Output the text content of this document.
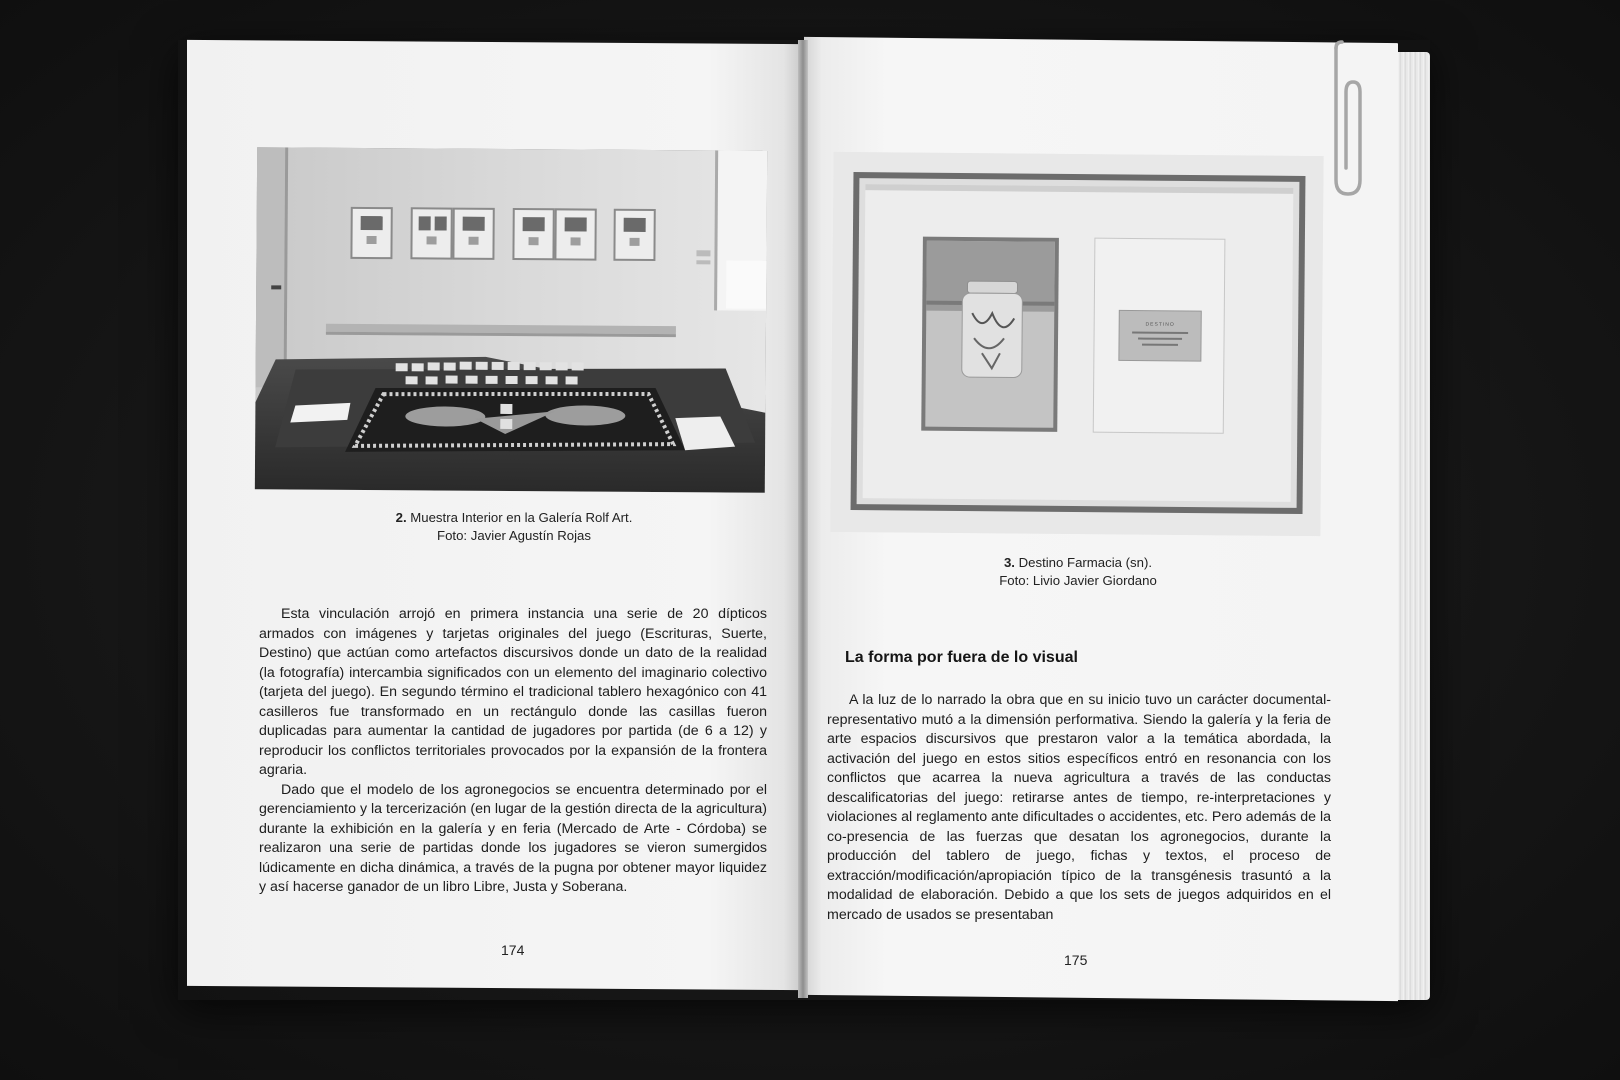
2. Muestra Interior en la Galería Rolf Art.
Foto: Javier Agustín Rojas

Esta vinculación arrojó en primera instancia una serie de 20 dípticos armados con imágenes y tarjetas originales del juego (Escrituras, Suerte, Destino) que actúan como artefactos discursivos donde un dato de la realidad (la fotografía) intercambia significados con un elemento del imaginario colectivo (tarjeta del juego). En segundo término el tradicional tablero hexagónico con 41 casilleros fue transformado en un rectángulo donde las casillas fueron duplicadas para aumentar la cantidad de jugadores por partida (de 6 a 12) y reproducir los conflictos territoriales provocados por la expansión de la frontera agraria.

Dado que el modelo de los agronegocios se encuentra determinado por el gerenciamiento y la tercerización (en lugar de la gestión directa de la agricultura) durante la exhibición en la galería y en feria (Mercado de Arte - Córdoba) se realizaron una serie de partidas donde los jugadores se vieron sumergidos lúdicamente en dicha dinámica, a través de la pugna por obtener mayor liquidez y así hacerse ganador de un libro Libre, Justa y Soberana.

174
DESTINO
3. Destino Farmacia (sn).
Foto: Livio Javier Giordano
La forma por fuera de lo visual

A la luz de lo narrado la obra que en su inicio tuvo un carácter documental-representativo mutó a la dimensión performativa. Siendo la galería y la feria de arte espacios discursivos que prestaron valor a la temática abordada, la activación del juego en estos sitios específicos entró en resonancia con los conflictos que acarrea la nueva agricultura a través de las conductas descalificatorias del juego: retirarse antes de tiempo, re-interpretaciones y violaciones al reglamento ante dificultades o accidentes, etc. Pero además de la co-presencia de las fuerzas que desatan los agronegocios, durante la producción del tablero de juego, fichas y textos, el proceso de extracción/modificación/apropiación típico de la transgénesis trasuntó a la modalidad de elaboración. Debido a que los sets de juegos adquiridos en el mercado de usados se presentaban

175
